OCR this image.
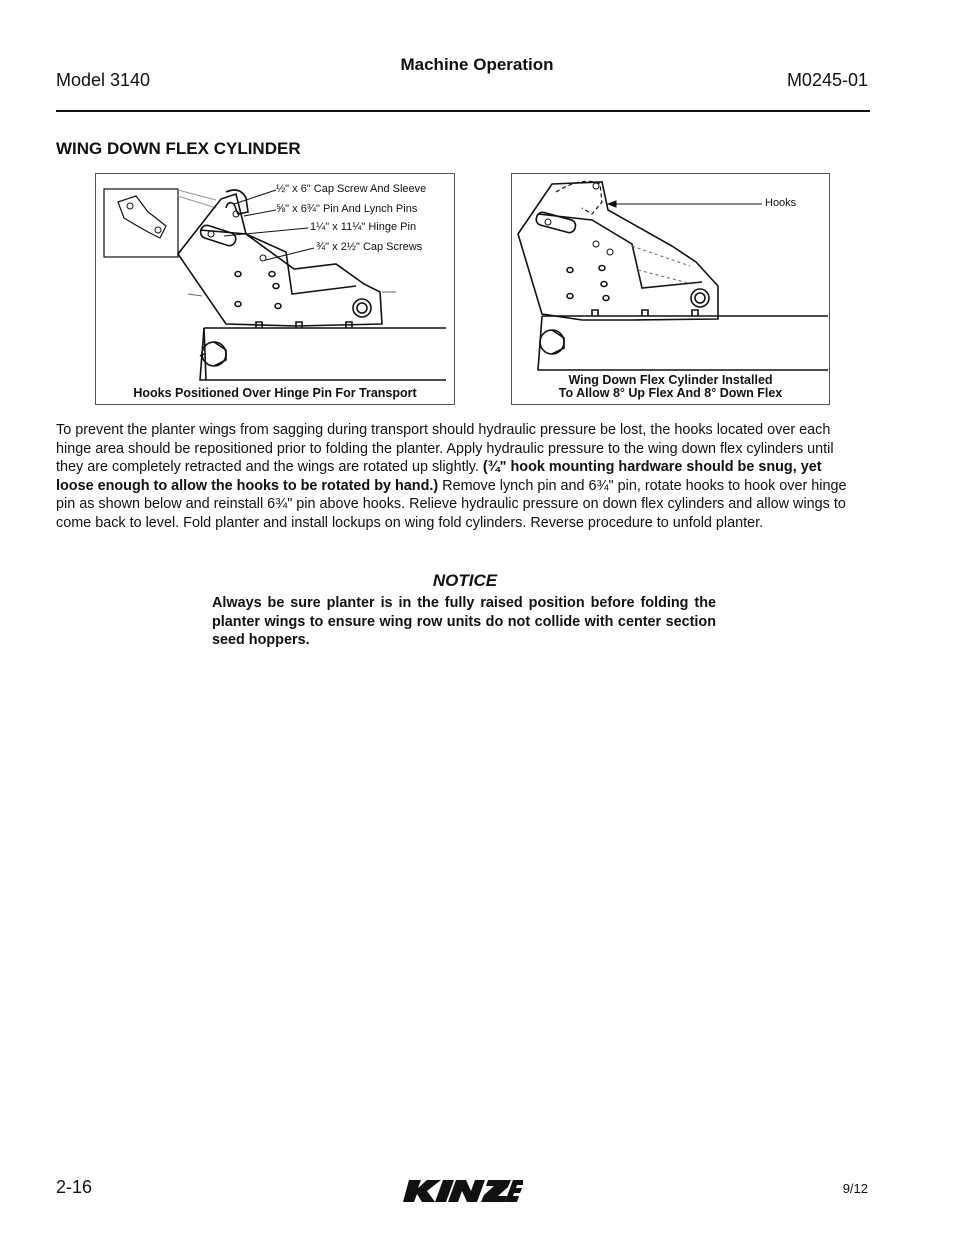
Model 3140
Machine Operation
M0245-01
WING DOWN FLEX CYLINDER
½" x 6" Cap Screw And Sleeve
⅝" x 6¾" Pin And Lynch Pins
1¼" x 11¼" Hinge Pin
¾" x 2½" Cap Screws
Hooks Positioned Over Hinge Pin For Transport
Hooks
Wing Down Flex Cylinder Installed
To Allow 8° Up Flex And 8° Down Flex
To prevent the planter wings from sagging during transport should hydraulic pressure be lost, the hooks located over each hinge area should be repositioned prior to folding the planter. Apply hydraulic pressure to the wing down flex cylinders until they are completely retracted and the wings are rotated up slightly. (¾" hook mounting hardware should be snug, yet loose enough to allow the hooks to be rotated by hand.) Remove lynch pin and 6¾" pin, rotate hooks to hook over hinge pin as shown below and reinstall 6¾" pin above hooks. Relieve hydraulic pressure on down flex cylinders and allow wings to come back to level. Fold planter and install lockups on wing fold cylinders. Reverse procedure to unfold planter.
NOTICE
Always be sure planter is in the fully raised position before folding the planter wings to ensure wing row units do not collide with center section seed hoppers.
2-16	9/12
